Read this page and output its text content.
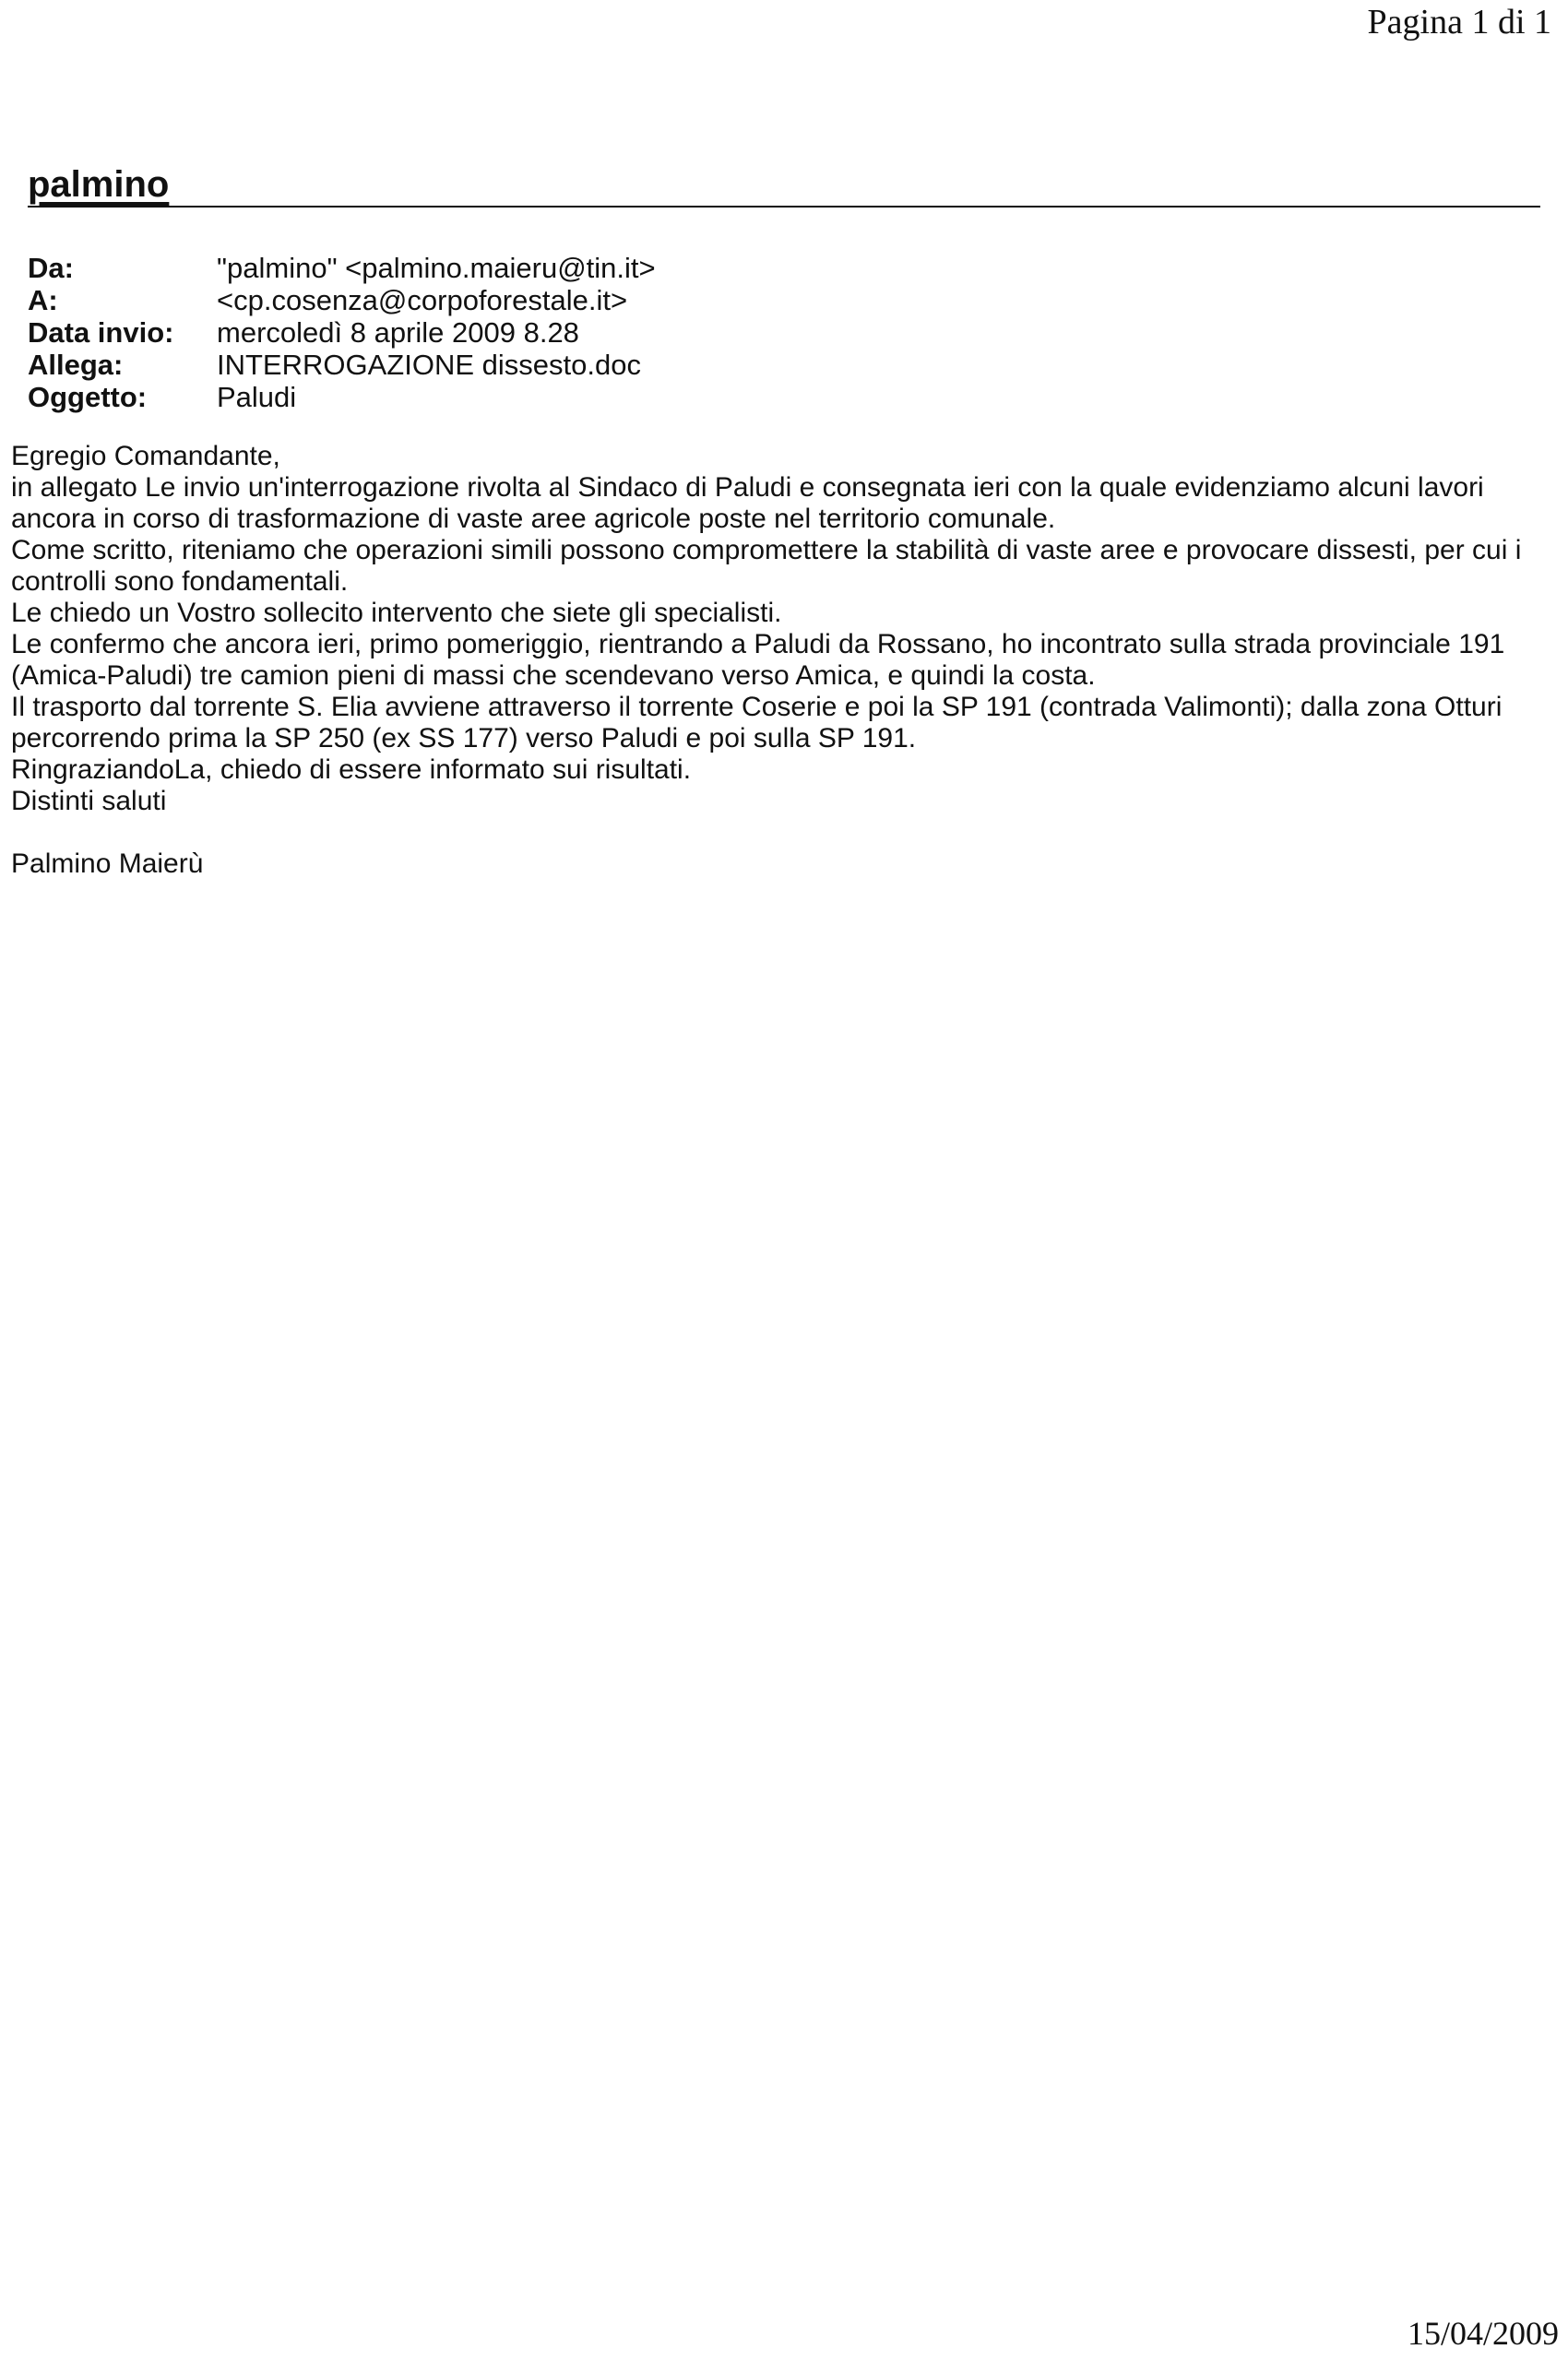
Pagina 1 di 1
palmino
Da:	"palmino" <palmino.maieru@tin.it>
A:	<cp.cosenza@corpoforestale.it>
Data invio:	mercoledì 8 aprile 2009 8.28
Allega:	INTERROGAZIONE dissesto.doc
Oggetto:	Paludi

Egregio Comandante,

in allegato Le invio un'interrogazione rivolta al Sindaco di Paludi e consegnata ieri con la quale evidenziamo alcuni lavori ancora in corso di trasformazione di vaste aree agricole poste nel territorio comunale.

Come scritto, riteniamo che operazioni simili possono compromettere la stabilità di vaste aree e provocare dissesti, per cui i controlli sono fondamentali.

Le chiedo un Vostro sollecito intervento che siete gli specialisti.

Le confermo che ancora ieri, primo pomeriggio, rientrando a Paludi da Rossano, ho incontrato sulla strada provinciale 191 (Amica-Paludi) tre camion pieni di massi che scendevano verso Amica, e quindi la costa.

Il trasporto dal torrente S. Elia avviene attraverso il torrente Coserie e poi la SP 191 (contrada Valimonti); dalla zona Otturi percorrendo prima la SP 250 (ex SS 177) verso Paludi e poi sulla SP 191.

RingraziandoLa, chiedo di essere informato sui risultati.

Distinti saluti

Palmino Maierù

15/04/2009
